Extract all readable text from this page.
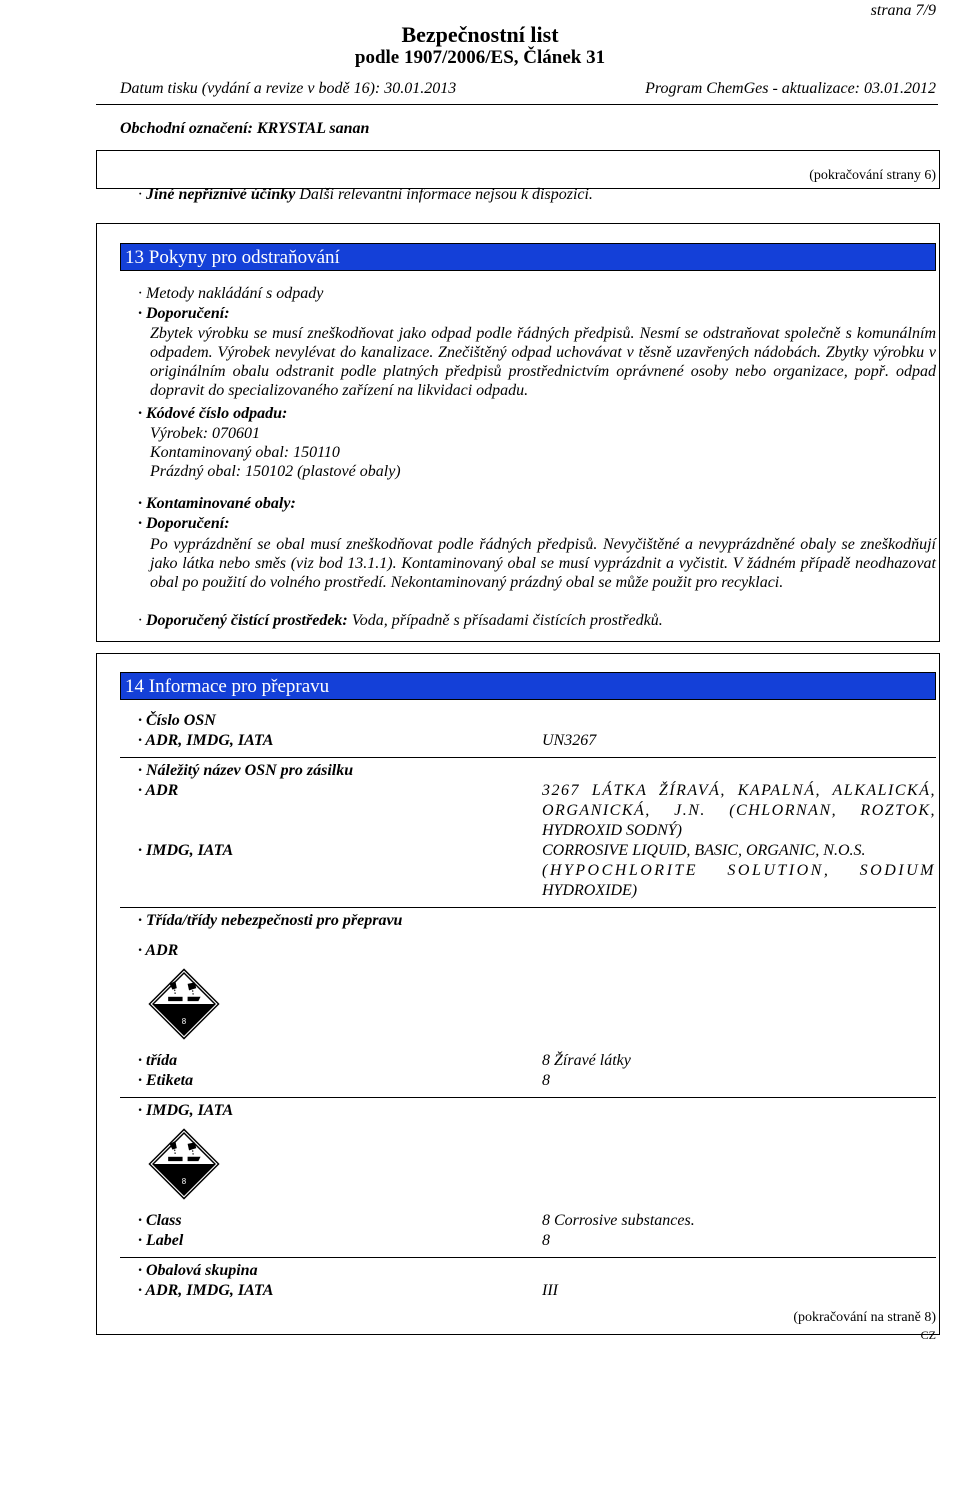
strana 7/9
Bezpečnostní list
podle 1907/2006/ES, Článek 31
Datum tisku (vydání a revize v bodě 16): 30.01.2013	Program ChemGes - aktualizace: 03.01.2012
Obchodní označení: KRYSTAL sanan
(pokračování strany 6)
· Jiné nepříznivé účinky Další relevantní informace nejsou k dispozici.
13 Pokyny pro odstraňování
· Metody nakládání s odpady
· Doporučení:
Zbytek výrobku se musí zneškodňovat jako odpad podle řádných předpisů. Nesmí se odstraňovat společně s komunálním odpadem. Výrobek nevylévat do kanalizace. Znečištěný odpad uchovávat v těsně uzavřených nádobách. Zbytky výrobku v originálním obalu odstranit podle platných předpisů prostřednictvím oprávnené osoby nebo organizace, popř. odpad dopravit do specializovaného zařízení na likvidaci odpadu.
· Kódové číslo odpadu:
Výrobek: 070601
Kontaminovaný obal: 150110
Prázdný obal: 150102 (plastové obaly)
· Kontaminované obaly:
· Doporučení:
Po vyprázdnění se obal musí zneškodňovat podle řádných předpisů. Nevyčištěné a nevyprázdněné obaly se zneškodňují jako látka nebo směs (viz bod 13.1.1). Kontaminovaný obal se musí vyprázdnit a vyčistit. V žádném případě neodhazovat obal po použití do volného prostředí. Nekontaminovaný prázdný obal se může použit pro recyklaci.
· Doporučený čistící prostředek: Voda, případně s přísadami čistících prostředků.
14 Informace pro přepravu
· Číslo OSN
· ADR, IMDG, IATA	UN3267
· Náležitý název OSN pro zásilku
· ADR	3267 LÁTKA ŽÍRAVÁ, KAPALNÁ, ALKALICKÁ,
ORGANICKÁ, J.N. (CHLORNAN, ROZTOK,
HYDROXID SODNÝ)
· IMDG, IATA	CORROSIVE LIQUID, BASIC, ORGANIC, N.O.S.
(HYPOCHLORITE SOLUTION, SODIUM
HYDROXIDE)
· Třída/třídy nebezpečnosti pro přepravu
· ADR
8
· třída	8 Žíravé látky
· Etiketa	8
· IMDG, IATA
8
· Class	8 Corrosive substances.
· Label	8
· Obalová skupina
· ADR, IMDG, IATA	III
(pokračování na straně 8)
CZ
